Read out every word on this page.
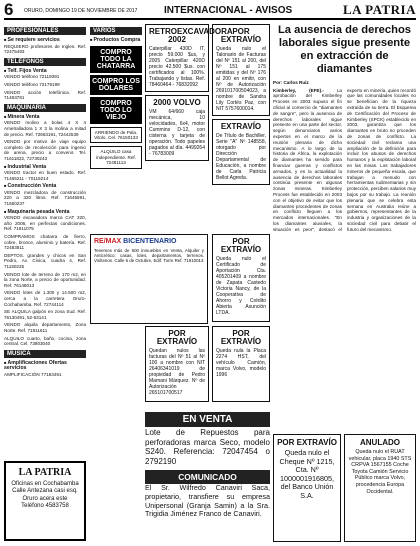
6 ORURO, DOMINGO 19 DE NOVIEMBRE DE 2017	INTERNACIONAL - AVISOS	LA PATRIA
PROFESIONALES
■ Se requiere servicios
REQUIERO profesores de Ingles. Ref. 72475493
TELÉFONOS
■ Telf. Fijos Venta
VENDO teléfono 72119391
VENDO teléfono 72179199
VENDO acción telefónica. Ref. 71463781
MAQUINARIA
■ Minera Venta
VENDO molino a bolas 4 X 4 Ametralladora 1 X 3 la molina a mitad de precio. Ref. 72663191, 72442539
VENDO por motivo de viaje equipo completo de recolección para ingenio de arena, precio a convenir. Tel. 71611822, 72730243
■ Industrial Venta
VENDO tractor en buen estado. Ref. 71465211 - 70119214
■ Construcción Venta
VENDO mezcladora de construcción 220 a 320 litros. Ref. 71645591, 71650237
■ Maquinaria pesada Venta
VENDO excavadora marca CAT 320, año 2006, en perfectas condiciones. Ref. 71911075
COMPRAMOS chatarra de fierro, cobre, bronce, aluminio y batería. Ref. 72483811
DEPTOS. grandes y chicos en San Pedro, Av. Cívica, cuadra 4, Ref. 71150225
VENDO lote de terreno de 170 m2, en la zona Norte, a precio de oportunidad. Ref. 76148013
VENDO lotes de 1.300 y 14.500 m2, cerca a la carretera Oruro-Cochabamba. Ref. 72744114
SE ALQUILA galpón en zona Sud. Ref. 76130491, 52-63141
VENDO alquila departamento, Zona Norte. Ref. 71811611
ALQUILO cuarto, baño, cocina, zona central. Cel. 73803040
MÚSICA
■ Amplificaciones Ofertas servicios
AMPLIFICACIÓN 77183491
LA PATRIA
Oficinas en Cochabamba
Calle Antezana casi esq. Oruro acera este
Teléfono 4583758
VARIOS
■ Productos Compra
COMPRO TODO LA CHATARRA
COMPRO LOS DÓLARES
COMPRO TODO LO VIEJO
ARRIENDO de Pala. Vitolo. Cel. 76150133
ALQUILO casa independiente. Ref. 72481113
RE/MAX BICENTENARIO
Tenemos más de 600 inmuebles en Venta, Alquiler y Anticrético: casas, lotes, departamentos, terrenos. Visítenos. Calle 6 de Octubre, Edif. Torre Ref. 71910013
RETROEXCAVADORA 2002
Caterpillar 430D IT, precio 59.000 $us, y 2005 Caterpillar 420D precio 42.500 $us. con certificados al 100%. Trabajando y listas. Ref. 78460464 - 76832092
2000 VOLVO
VM 64/660 caja mecánica, 10 velocidades, 6x4, motor Cummins D-12, con cisterna y tarjeta de operación. Todo papeles pagados al día. 4499264 - 76783009
POR EXTRAVÍO
Queda nulo el Talonario de Facturas del Nº 151 al 200, del Nº 151 al 175 emitidas y del Nº 176 al 200 en emitir, con Nº de Autorización 269101700504023, a nombre de Sandra Lily Cortés Paz, con NIT 5757600014.
EXTRAVÍO
De Título de Bachiller, Serie "A" Nº 148558, otorgado por Dirección Departamental de Educación, a nombre de Carla Patricia Bellot Agreda.
POR EXTRAVÍO
Queda nulo el Certificado de Aportación Cta. 405201409 a nombre de Zapata Castedo Victoria Nancy, de la Cooperativa de Ahorro y Crédito Abierta Asunción LTDA.
POR EXTRAVÍO
Quedan nulos las facturas del Nº 51 al Nº 100 a nombre con NIT 26406341019 de propiedad de Pedro Mamani Márquez. Nº de Autorización 265101700517
POR EXTRAVÍO
Queda nula la Placa 2274 HST, del vehículo Camión, marca Volvo, modelo 1996
EN VENTA
Lote de Repuestos para perforadoras marca Seco, modelo S240. Referencia: 72047454 o 2792190
COMUNICADO
El Sr. Wilfredo Canaviri Saca, propietario, transfiere su empresa Unipersonal (Granja Samin) a la Sra. Trigidia Jiménez Franco de Canaviri.
La ausencia de derechos laborales sigue presente en extracción de diamantes
Por: Carlos Ruiz
Kimberley, (EFE).-	La aprobación del Kimberley Process en 2003 supuso el fin oficial al comercio de "diamantes de sangre", pero la ausencia de derechos laborales sigue presente en una parte del sector, según denunciaron varios expertos en el marco de la reunión plenaria de dicho mecanismo. A lo largo de la historia de África, la explotación de diamantes ha servido para financiar guerras y conflictos armados, y en la actualidad la ausencia de derechos laborales continúa presente en algunas zonas mineras. Kimberley Process fue establecido en 2003 con el objetivo de evitar que los diamantes procedentes de zonas en conflicto lleguen a los mercados internacionales. "En los diamantes aluviales, la situación es peor", destacó el experto en minería, quien recordó que las comunidades locales no se benefician de la riqueza extraída de su tierra. El Esquema de Certificación del Proceso de Kimberley (SPCK) establecido en 2003, garantiza que los diamantes en bruto no proceden de zonas de conflicto. La sociedad civil reclama una ampliación de la definición para incluir los abusos de derechos humanos y la explotación laboral en las minas. Los trabajadores mineros de pequeña escala, que trabajan a menudo con herramientas rudimentarias y sin protección, perciben salarios muy bajos por su trabajo. La reunión plenaria que se celebra esta semana en Australia reúne a gobiernos, representantes de la industria y organizaciones de la sociedad civil para debatir el futuro del mecanismo.
POR EXTRAVÍO
Queda nulo el Cheque Nº 1215, Cta. Nº 1000001916805, del Banco Unión S.A.
ANULADO
Queda nulo el RUAT vehicular, placa 1940 STS CRPVA 1567155 Coche Toyota Camión Servicio Público marca Volvo, procedencia Europa Occidental.
